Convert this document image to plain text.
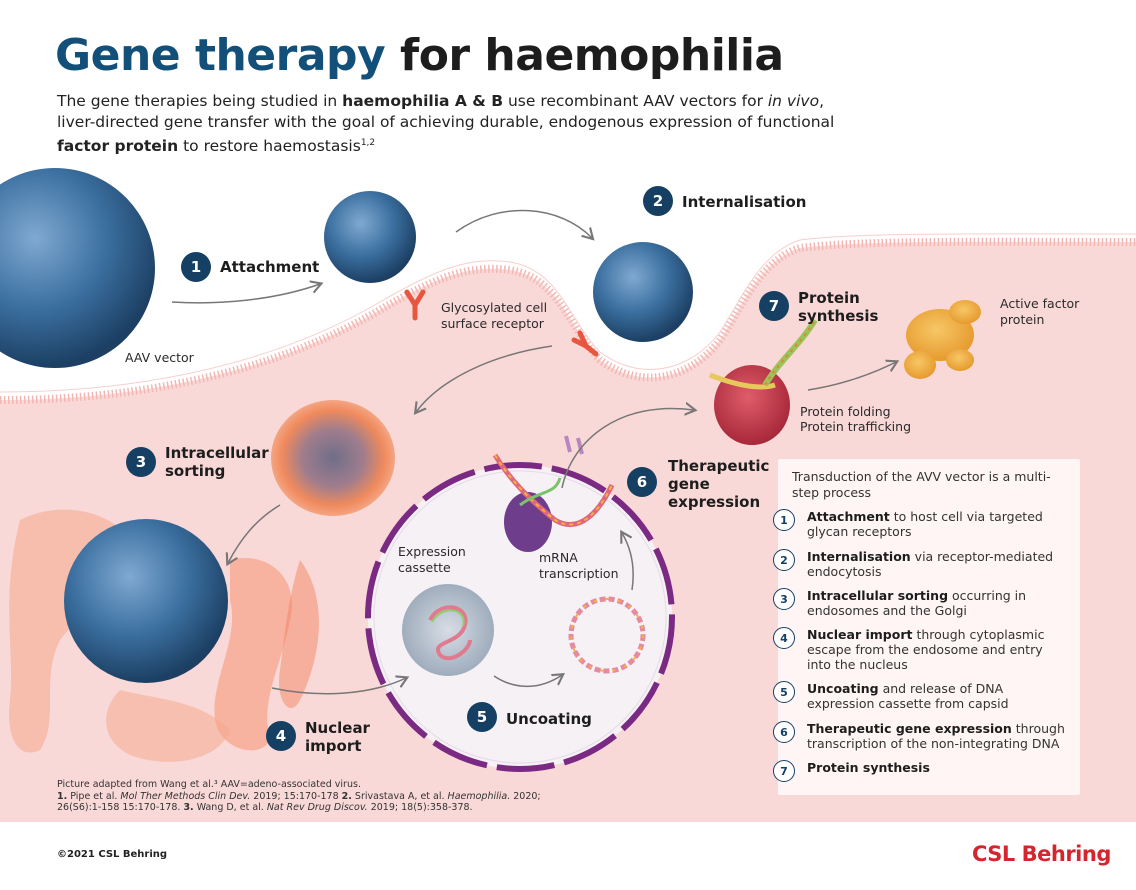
Gene therapy for haemophilia
The gene therapies being studied in haemophilia A & B use recombinant AAV vectors for in vivo, liver-directed gene transfer with the goal of achieving durable, endogenous expression of functional factor protein to restore haemostasis$^{1,2}$
1	Attachment
2	Internalisation
3	Intracellular sorting
4	Nuclear import
5	Uncoating
6
Therapeutic gene expression
7	Protein synthesis
AAV vector
Glycosylated cell surface receptor
Expression cassette
mRNA transcription
Protein folding
Protein trafficking
Active factor protein
Transduction of the AVV vector is a multi-step process
1	Attachment to host cell via targeted glycan receptors
2	Internalisation via receptor-mediated endocytosis
3	Intracellular sorting occurring in endosomes and the Golgi
4	Nuclear import through cytoplasmic escape from the endosome and entry into the nucleus
5	Uncoating and release of DNA expression cassette from capsid
6	Therapeutic gene expression through transcription of the non-integrating DNA
7	Protein synthesis
Picture adapted from Wang et al.³ AAV=adeno-associated virus.
1. Pipe et al. Mol Ther Methods Clin Dev. 2019; 15:170-178 2. Srivastava A, et al. Haemophilia. 2020; 26(S6):1-158 15:170-178. 3. Wang D, et al. Nat Rev Drug Discov. 2019; 18(5):358-378.
©2021 CSL Behring	CSL Behring
